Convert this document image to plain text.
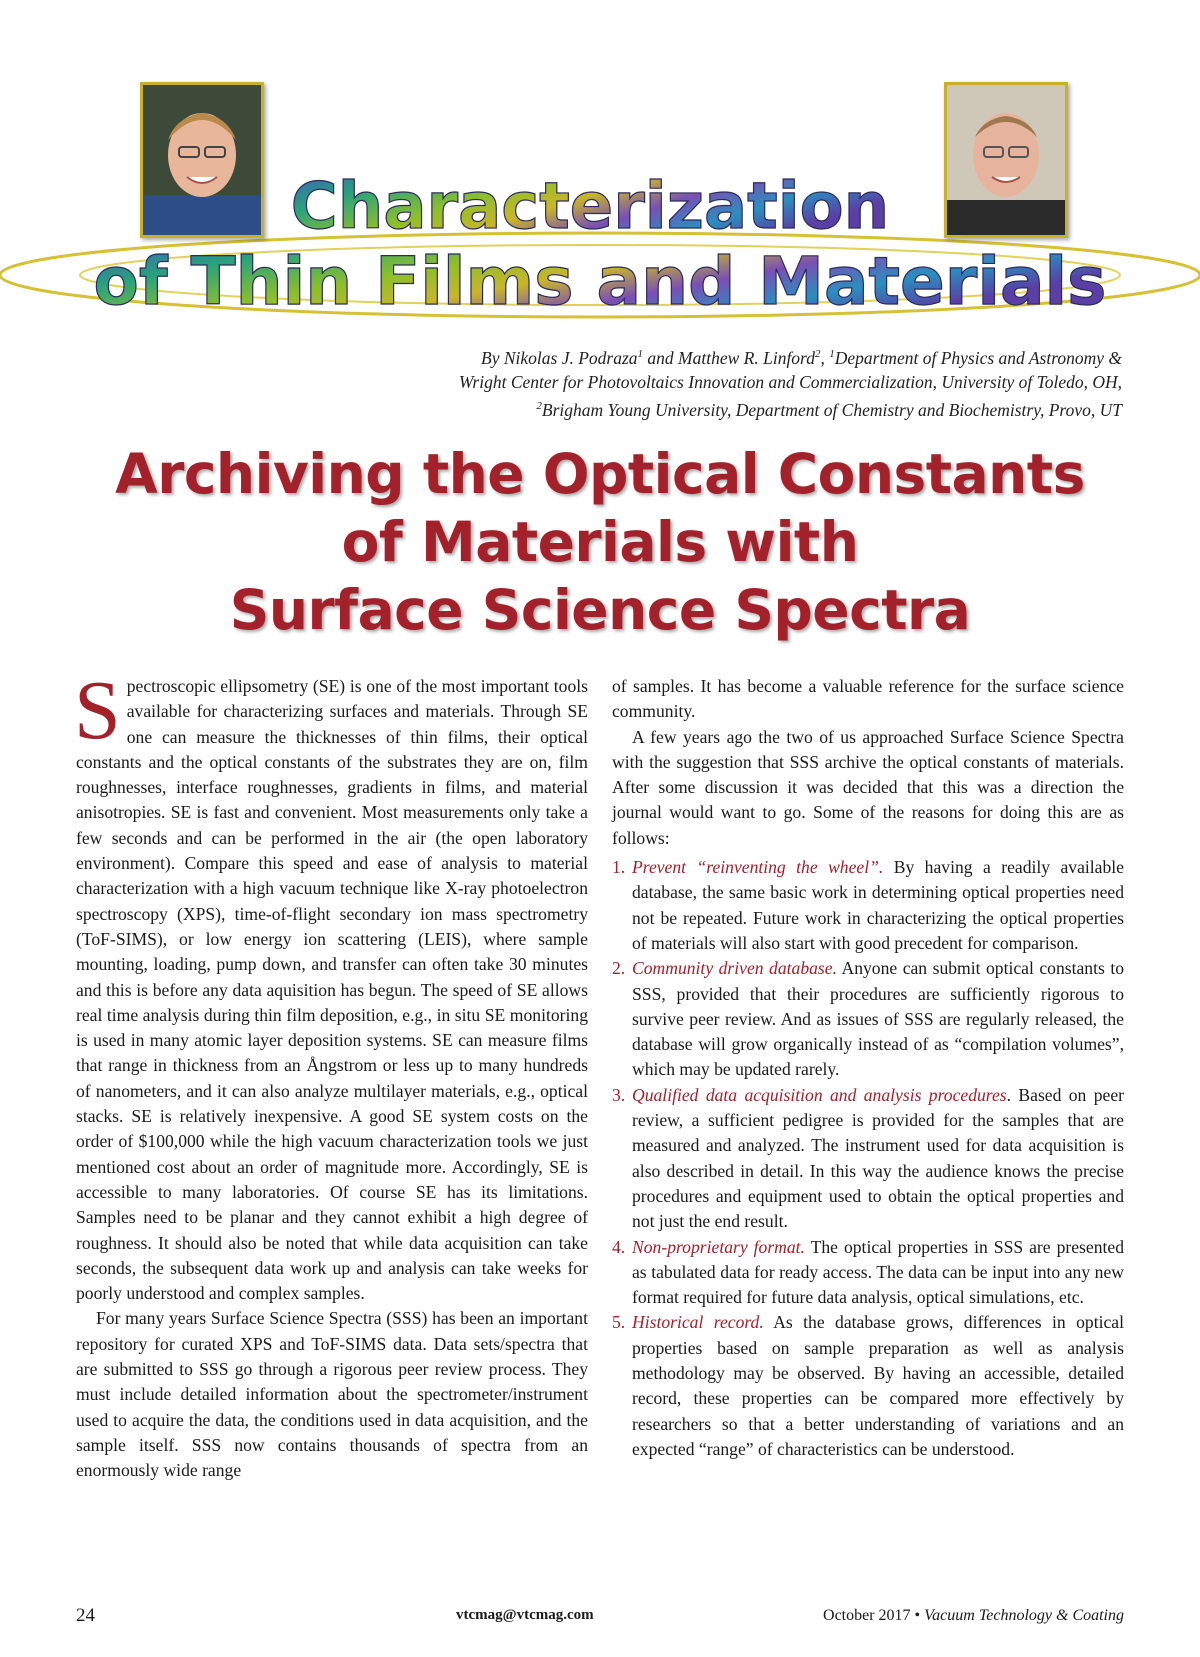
Characterization
of Thin Films and Materials
By Nikolas J. Podraza$^1$ and Matthew R. Linford$^2$, $^1$Department of Physics and Astronomy &
Wright Center for Photovoltaics Innovation and Commercialization, University of Toledo, OH,
$^2$Brigham Young University, Department of Chemistry and Biochemistry, Provo, UT
Archiving the Optical Constants
of Materials with
Surface Science Spectra

Spectroscopic ellipsometry (SE) is one of the most important tools available for characterizing surfaces and materials. Through SE one can measure the thicknesses of thin films, their optical constants and the optical constants of the substrates they are on, film roughnesses, interface roughnesses, gradients in films, and material anisotropies. SE is fast and convenient. Most measurements only take a few seconds and can be performed in the air (the open laboratory environment). Compare this speed and ease of analysis to material characterization with a high vacuum technique like X-ray photoelectron spectroscopy (XPS), time-of-flight secondary ion mass spectrometry (ToF-SIMS), or low energy ion scattering (LEIS), where sample mounting, loading, pump down, and transfer can often take 30 minutes and this is before any data aquisition has begun. The speed of SE allows real time analysis during thin film deposition, e.g., in situ SE monitoring is used in many atomic layer deposition systems. SE can measure films that range in thickness from an Ångstrom or less up to many hundreds of nanometers, and it can also analyze multilayer materials, e.g., optical stacks. SE is relatively inexpensive. A good SE system costs on the order of $100,000 while the high vacuum characterization tools we just mentioned cost about an order of magnitude more. Accordingly, SE is accessible to many laboratories. Of course SE has its limitations. Samples need to be planar and they cannot exhibit a high degree of roughness. It should also be noted that while data acquisition can take seconds, the subsequent data work up and analysis can take weeks for poorly understood and complex samples.

For many years Surface Science Spectra (SSS) has been an important repository for curated XPS and ToF-SIMS data. Data sets/spectra that are submitted to SSS go through a rigorous peer review process. They must include detailed information about the spectrometer/instrument used to acquire the data, the conditions used in data acquisition, and the sample itself. SSS now contains thousands of spectra from an enormously wide range

of samples. It has become a valuable reference for the surface science community.

A few years ago the two of us approached Surface Science Spectra with the suggestion that SSS archive the optical constants of materials. After some discussion it was decided that this was a direction the journal would want to go. Some of the reasons for doing this are as follows:

1. Prevent “reinventing the wheel”. By having a readily available database, the same basic work in determining optical properties need not be repeated. Future work in characterizing the optical properties of materials will also start with good precedent for comparison.
2. Community driven database. Anyone can submit optical constants to SSS, provided that their procedures are sufficiently rigorous to survive peer review. And as issues of SSS are regularly released, the database will grow organically instead of as “compilation volumes”, which may be updated rarely.
3. Qualified data acquisition and analysis procedures. Based on peer review, a sufficient pedigree is provided for the samples that are measured and analyzed. The instrument used for data acquisition is also described in detail. In this way the audience knows the precise procedures and equipment used to obtain the optical properties and not just the end result.
4. Non-proprietary format. The optical properties in SSS are presented as tabulated data for ready access. The data can be input into any new format required for future data analysis, optical simulations, etc.
5. Historical record. As the database grows, differences in optical properties based on sample preparation as well as analysis methodology may be observed. By having an accessible, detailed record, these properties can be compared more effectively by researchers so that a better understanding of variations and an expected “range” of characteristics can be understood.
24	vtcmag@vtcmag.com	October 2017 • Vacuum Technology & Coating
